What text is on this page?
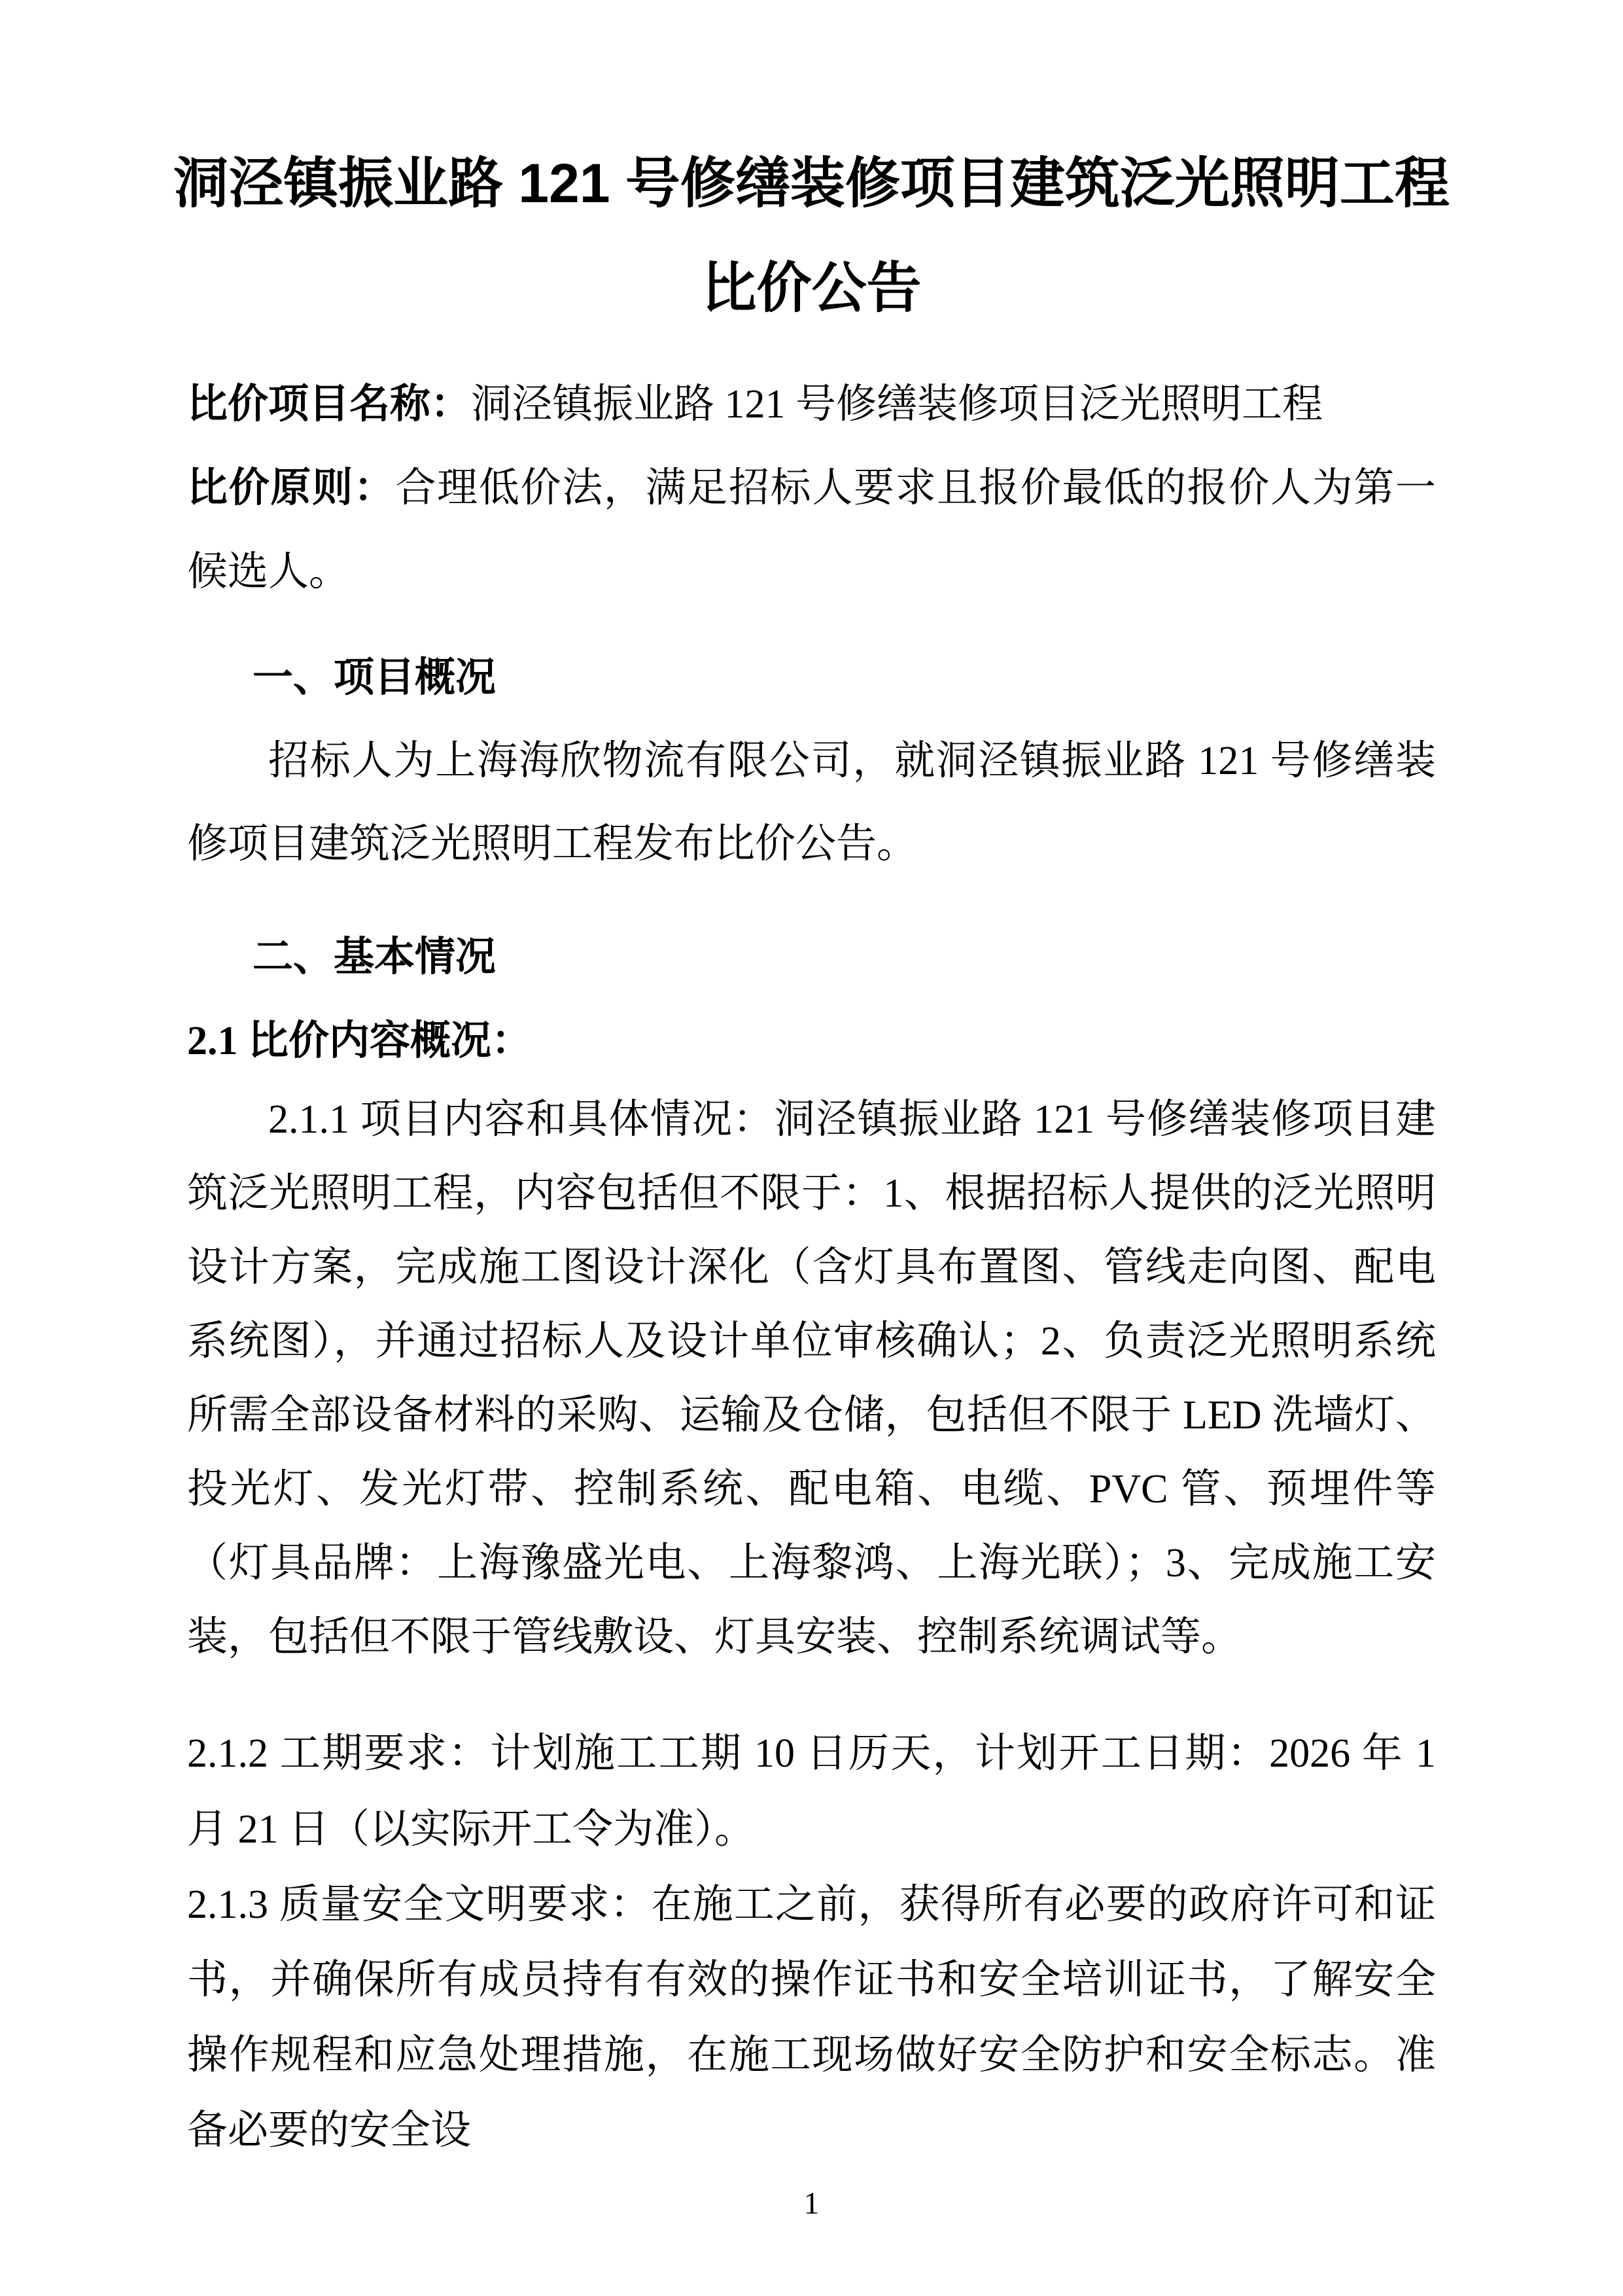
洞泾镇振业路 121 号修缮装修项目建筑泛光照明工程
比价公告

比价项目名称：洞泾镇振业路 121 号修缮装修项目泛光照明工程

比价原则：合理低价法，满足招标人要求且报价最低的报价人为第一候选人。

一、项目概况

招标人为上海海欣物流有限公司，就洞泾镇振业路 121 号修缮装修项目建筑泛光照明工程发布比价公告。

二、基本情况
2.1 比价内容概况：

2.1.1 项目内容和具体情况：洞泾镇振业路 121 号修缮装修项目建筑泛光照明工程，内容包括但不限于：1、根据招标人提供的泛光照明设计方案，完成施工图设计深化（含灯具布置图、管线走向图、配电系统图），并通过招标人及设计单位审核确认；2、负责泛光照明系统所需全部设备材料的采购、运输及仓储，包括但不限于 LED 洗墙灯、投光灯、发光灯带、控制系统、配电箱、电缆、PVC 管、预埋件等（灯具品牌：上海豫盛光电、上海黎鸿、上海光联）；3、完成施工安装，包括但不限于管线敷设、灯具安装、控制系统调试等。

2.1.2 工期要求：计划施工工期 10 日历天，计划开工日期：2026 年 1 月 21 日（以实际开工令为准）。

2.1.3 质量安全文明要求：在施工之前，获得所有必要的政府许可和证书，并确保所有成员持有有效的操作证书和安全培训证书，了解安全操作规程和应急处理措施，在施工现场做好安全防护和安全标志。准备必要的安全设

1
